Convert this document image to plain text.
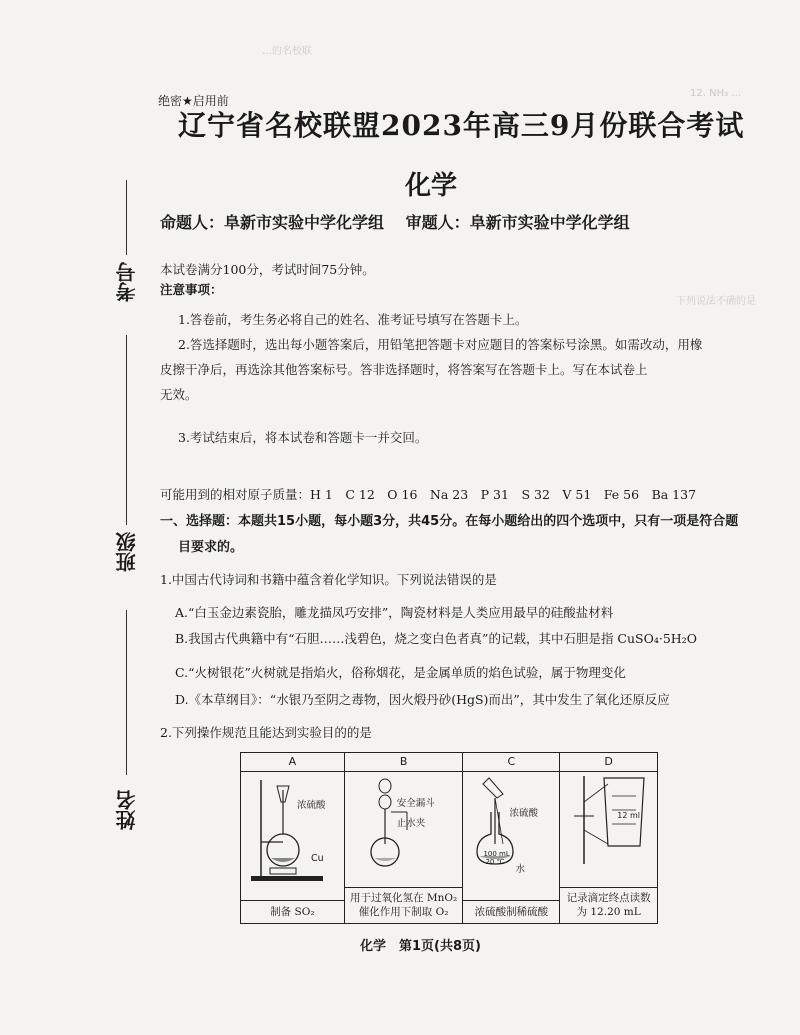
…的名校联
12. NH₃ …
下列说法不确的是
考号
班级
姓名
绝密★启用前
辽宁省名校联盟2023年高三9月份联合考试
化学
命题人：阜新市实验中学化学组 审题人：阜新市实验中学化学组
本试卷满分100分，考试时间75分钟。
注意事项：
1.答卷前，考生务必将自己的姓名、准考证号填写在答题卡上。
2.答选择题时，选出每小题答案后，用铅笔把答题卡对应题目的答案标号涂黑。如需改动，用橡
皮擦干净后，再选涂其他答案标号。答非选择题时，将答案写在答题卡上。写在本试卷上
无效。
3.考试结束后，将本试卷和答题卡一并交回。
可能用到的相对原子质量：H 1　C 12　O 16　Na 23　P 31　S 32　V 51　Fe 56　Ba 137
一、选择题：本题共15小题，每小题3分，共45分。在每小题给出的四个选项中，只有一项是符合题
目要求的。
1.中国古代诗词和书籍中蕴含着化学知识。下列说法错误的是
A.“白玉金边素瓷胎，雕龙描凤巧安排”，陶瓷材料是人类应用最早的硅酸盐材料
B.我国古代典籍中有“石胆……浅碧色，烧之变白色者真”的记载，其中石胆是指 CuSO₄·5H₂O
C.“火树银花”火树就是指焰火，俗称烟花，是金属单质的焰色试验，属于物理变化
D.《本草纲目》：“水银乃至阴之毒物，因火煅丹砂(HgS)而出”，其中发生了氧化还原反应
2.下列操作规范且能达到实验目的的是
A
浓硫酸
Cu
制备 SO₂
B
安全漏斗
止水夹
用于过氧化氢在 MnO₂ 催化作用下制取 O₂
C
浓硫酸
100 mL
20 ℃
水
浓硫酸制稀硫酸
D
12 ml
记录滴定终点读数为 12.20 mL
化学　第1页(共8页)
